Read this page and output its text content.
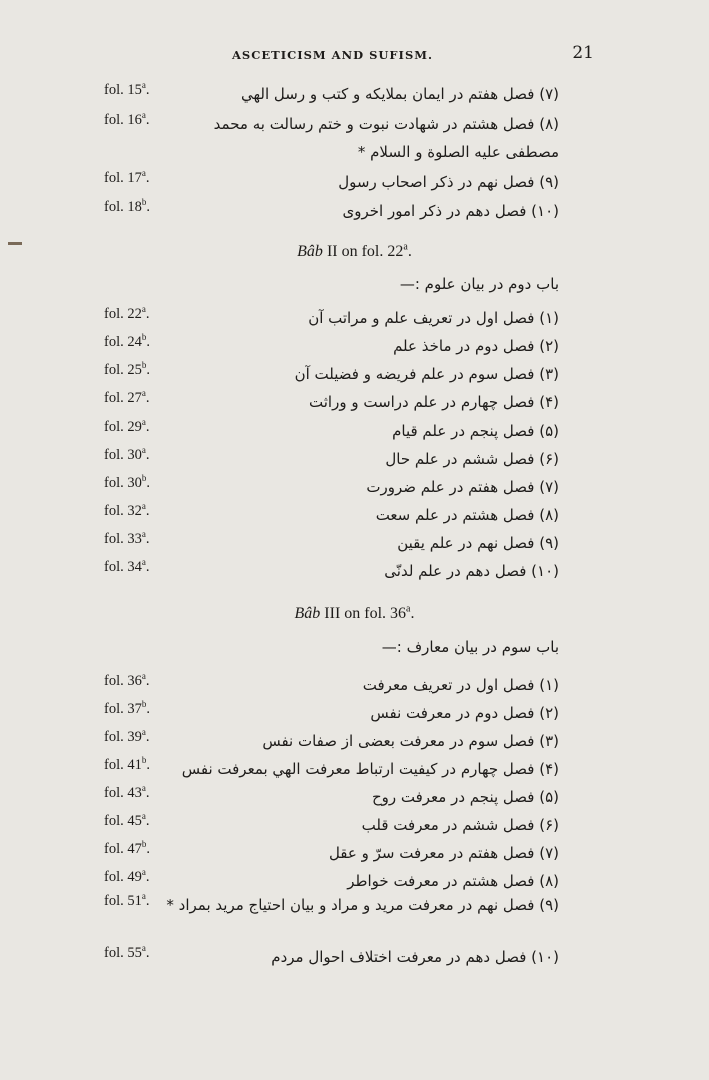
ASCETICISM AND SUFISM.	21
fol. 15$^a$.	(۷) فصل هفتم در ایمان بملایکه و کتب و رسل الهي
fol. 16$^a$.	(۸) فصل هشتم در شهادت نبوت و ختم رسالت به محمد مصطفی علیه الصلوة و السلام *
fol. 17$^a$.	(۹) فصل نهم در ذکر اصحاب رسول
fol. 18$^b$.	(۱۰) فصل دهم در ذکر امور اخروی
Bâb II on fol. 22$^a$.
باب دوم در بیان علوم :—
fol. 22$^a$.	(۱) فصل اول در تعریف علم و مراتب آن
fol. 24$^b$.	(۲) فصل دوم در ماخذ علم
fol. 25$^b$.	(۳) فصل سوم در علم فریضه و فضیلت آن
fol. 27$^a$.	(۴) فصل چهارم در علم دراست و وراثت
fol. 29$^a$.	(۵) فصل پنجم در علم قیام
fol. 30$^a$.	(۶) فصل ششم در علم حال
fol. 30$^b$.	(۷) فصل هفتم در علم ضرورت
fol. 32$^a$.	(۸) فصل هشتم در علم سعت
fol. 33$^a$.	(۹) فصل نهم در علم یقین
fol. 34$^a$.	(۱۰) فصل دهم در علم لدنّی
Bâb III on fol. 36$^a$.
باب سوم در بیان معارف :—
fol. 36$^a$.	(۱) فصل اول در تعریف معرفت
fol. 37$^b$.	(۲) فصل دوم در معرفت نفس
fol. 39$^a$.	(۳) فصل سوم در معرفت بعضی از صفات نفس
fol. 41$^b$.	(۴) فصل چهارم در کیفیت ارتباط معرفت الهي بمعرفت نفس
fol. 43$^a$.	(۵) فصل پنجم در معرفت روح
fol. 45$^a$.	(۶) فصل ششم در معرفت قلب
fol. 47$^b$.	(۷) فصل هفتم در معرفت سرّ و عقل
fol. 49$^a$.	(۸) فصل هشتم در معرفت خواطر
fol. 51$^a$.	(۹) فصل نهم در معرفت مرید و مراد و بیان احتیاج مرید بمراد *
fol. 55$^a$.	(۱۰) فصل دهم در معرفت اختلاف احوال مردم
